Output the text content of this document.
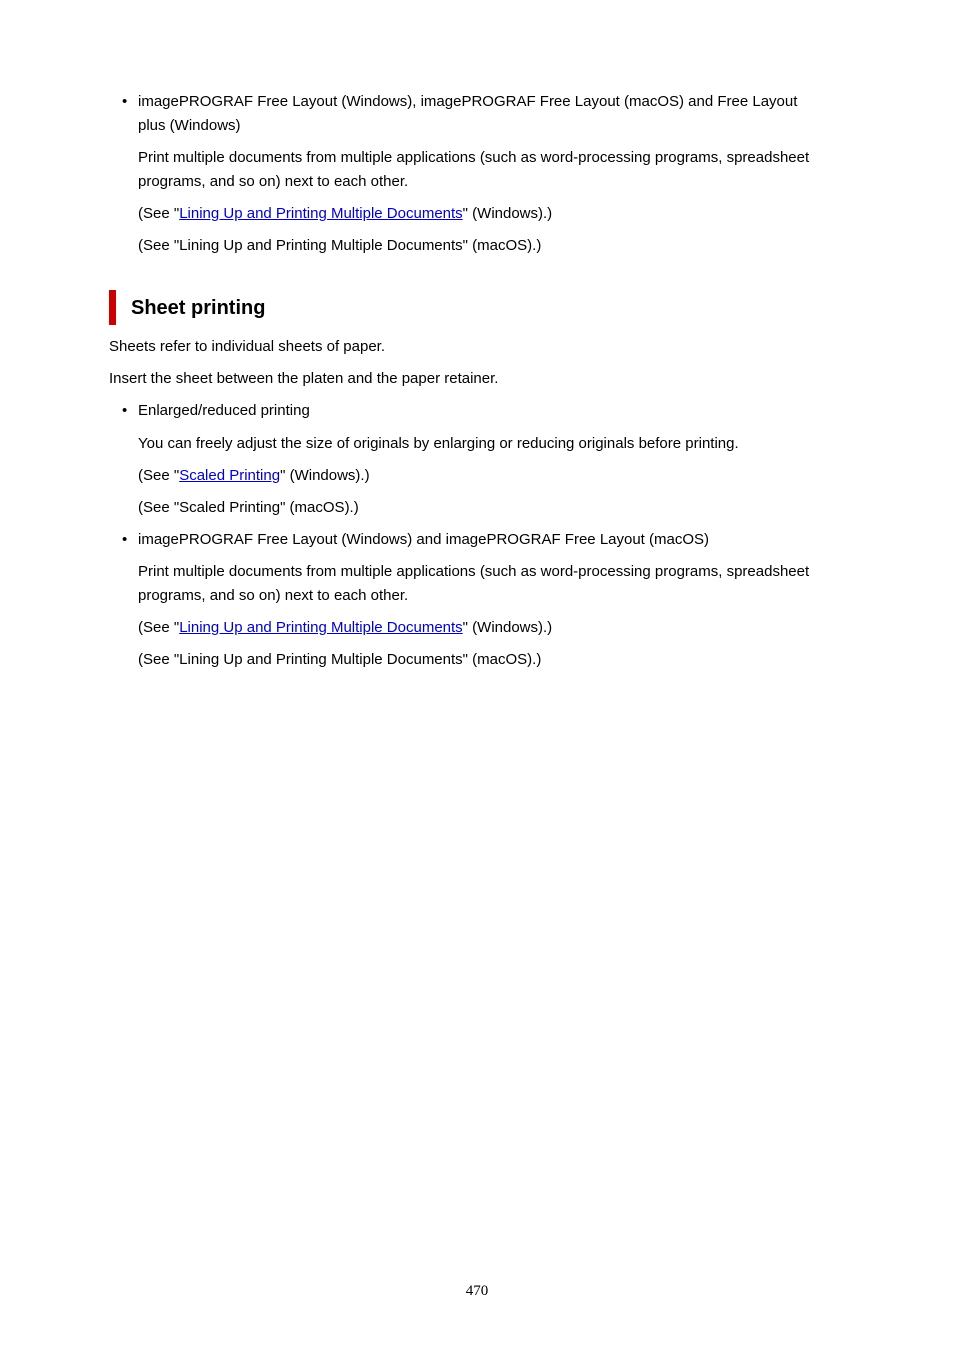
• imagePROGRAF Free Layout (Windows), imagePROGRAF Free Layout (macOS) and Free Layout
plus (Windows)
Print multiple documents from multiple applications (such as word-processing programs, spreadsheet
programs, and so on) next to each other.
(See "Lining Up and Printing Multiple Documents" (Windows).)
(See "Lining Up and Printing Multiple Documents" (macOS).)
Sheet printing
Sheets refer to individual sheets of paper.
Insert the sheet between the platen and the paper retainer.
• Enlarged/reduced printing
You can freely adjust the size of originals by enlarging or reducing originals before printing.
(See "Scaled Printing" (Windows).)
(See "Scaled Printing" (macOS).)
• imagePROGRAF Free Layout (Windows) and imagePROGRAF Free Layout (macOS)
Print multiple documents from multiple applications (such as word-processing programs, spreadsheet
programs, and so on) next to each other.
(See "Lining Up and Printing Multiple Documents" (Windows).)
(See "Lining Up and Printing Multiple Documents" (macOS).)
470
